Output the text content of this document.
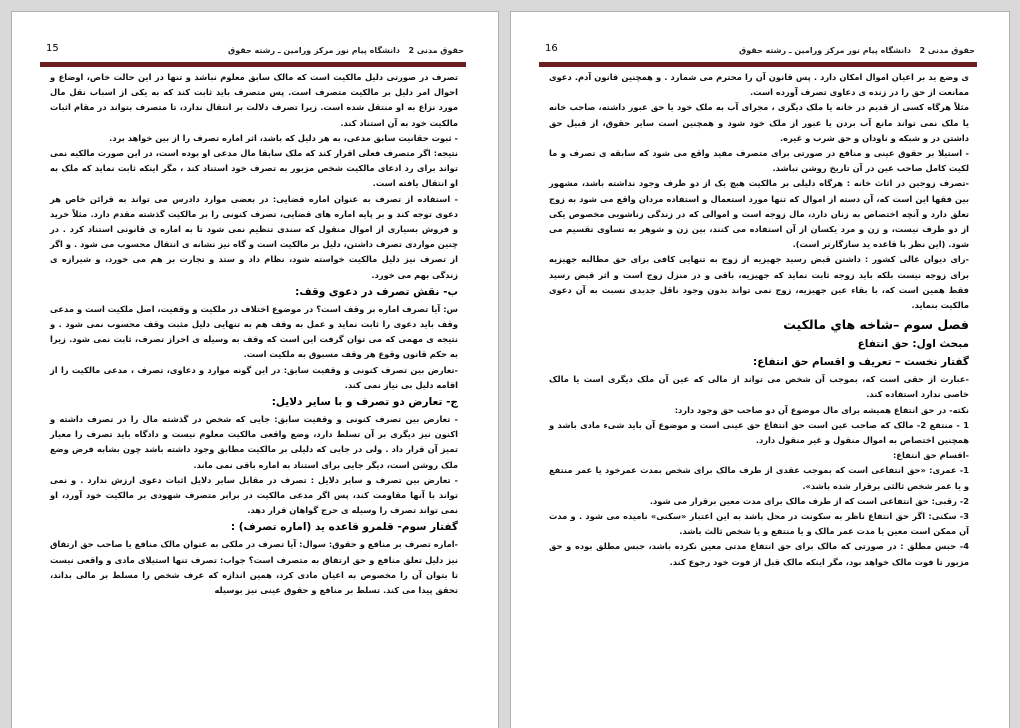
15	حقوق مدنی 2
دانشگاه پیام نور مرکز ورامین ـ رشته حقوق

تصرف در صورتی دلیل مالکیت است که مالک سابق معلوم نباشد و تنها در این حالت خاص، اوضاع و احوال امر دلیل بر مالکیت متصرف است. پس متصرف باید ثابت کند که به یکی از اسباب نقل مال مورد نزاع به او منتقل شده است. زیرا تصرف دلالت بر انتقال ندارد، تا متصرف بتواند در مقام اثبات مالکیت خود به آن استناد کند.

- ثبوت حقانیت سابق مدعی، به هر دلیل که باشد، اثر اماره تصرف را از بین خواهد برد.

نتیجه: اگر متصرف فعلی اقرار کند که ملک سابقا مال مدعی او بوده است، در این صورت مالکیه نمی تواند برای رد ادعای مالکیت شخص مزبور به تصرف خود استناد کند ، مگر اینکه ثابت نماید که ملک به او انتقال یافته است.

- استفاده از تصرف به عنوان اماره قضایی: در بعضی موارد دادرس می تواند به قرائن خاص هر دعوی توجه کند و بر پایه اماره های قضایی، تصرف کنونی را بر مالکیت گذشته مقدم دارد. مثلاً خرید و فروش بسیاری از اموال منقول که سندی تنظیم نمی شود تا به اماره ی قانونی استناد کرد . در چنین مواردی تصرف داشتن، دلیل بر مالکیت است و گاه نیز نشانه ی انتقال محسوب می شود . و اگر از تصرف نیز دلیل مالکیت خواسته شود، نظام داد و ستد و تجارت بر هم می خورد، و شیرازه ی زندگی بهم می خورد.

ب- نقش تصرف در دعوی وقف:

س: آیا تصرف اماره بر وقف است؟ در موضوع اختلاف در ملکیت و وقفیت، اصل ملکیت است و مدعی وقف باید دعوی را ثابت نماید و عمل به وقف هم به تنهایی دلیل مثبت وقف محسوب نمی شود . و نتیجه ی مهمی که می توان گرفت این است که وقف به وسیله ی احراز تصرف، ثابت نمی شود. زیرا به حکم قانون وقوع هر وقف مسبوق به ملکیت است.

-تعارض بین تصرف کنونی و وقفیت سابق: در این گونه موارد و دعاوی، تصرف ، مدعی مالکیت را از اقامه دلیل بی نیاز نمی کند.

ج- تعارض دو تصرف و با سایر دلایل:

- تعارض بین تصرف کنونی و وقفیت سابق: جایی که شخص در گذشته مال را در تصرف داشته و اکنون نیز دیگری بر آن تسلط دارد، وضع واقعی مالکیت معلوم نیست و دادگاه باید تصرف را معیار تمیز آن قرار داد . ولی در جایی که دلیلی بر مالکیت مطابق وجود داشته باشد چون بشابه فرض وضع ملک روشن است، دیگر جایی برای استناد به اماره باقی نمی ماند.

- تعارض بین تصرف و سایر دلایل : تصرف در مقابل سایر دلایل اثبات دعوی ارزش ندارد . و نمی تواند با آنها مقاومت کند، پس اگر مدعی مالکیت در برابر متصرف شهودی بر مالکیت خود آورد، او نمی تواند تصرف را وسیله ی حرج گواهان قرار دهد.

گفتار سوم- قلمرو قاعده ید (اماره تصرف) :

-اماره تصرف بر منافع و حقوق: سوال: آیا تصرف در ملکی به عنوان مالک منافع یا صاحب حق ارتفاق نیز دلیل تعلق منافع و حق ارتفاق به متصرف است؟ جواب: تصرف تنها استیلای مادی و واقعی نیست تا بتوان آن را مخصوص به اعیان مادی کرد، همین اندازه که عرف شخص را مسلط بر مالی بداند، تحقق پیدا می کند. تسلط بر منافع و حقوق عینی نیز بوسیله

16	حقوق مدنی 2
دانشگاه پیام نور مرکز ورامین ـ رشته حقوق

ی وضع ید بر اعیان اموال امکان دارد . پس قانون آن را محترم می شمارد . و همچنین قانون آدم. دعوی ممانعت از حق را در زنده ی دعاوی تصرف آورده است.

مثلاً هرگاه کسی از قدیم در خانه یا ملک دیگری ، مجرای آب به ملک خود یا حق عبور داشته، صاحب خانه یا ملک نمی تواند مانع آب بردن یا عبور از ملک خود شود و همچنین است سایر حقوق، از قبیل حق داشتن در و شبکه و ناودان و حق شرب و غیره.

- استیلا بر حقوق عینی و منافع در صورتی برای متصرف مفید واقع می شود که سابقه ی تصرف و ما لکیت کامل صاحب عین در آن تاریخ روشن نباشد.

-تصرف زوجین در اثاث خانه : هرگاه دلیلی بر مالکیت هیچ یک از دو طرف وجود نداشته باشد، مشهور بین فقها این است که، آن دسته از اموال که تنها مورد استعمال و استفاده مردان واقع می شود به زوج تعلق دارد و آنچه اختصاص به زنان دارد، مال زوجه است و اموالی که در زندگی زناشویی مخصوص یکی از دو طرف نیست، و زن و مرد یکسان از آن استفاده می کنند، بین زن و شوهر به تساوی تقسیم می شود. (این نظر با قاعده ید سازگارتر است).

-رای دیوان عالی کشور : داشتن قبض رسید جهیزیه از زوج به تنهایی کافی برای حق مطالبه جهیزیه برای زوجه نیست بلکه باید زوجه ثابت نماید که جهیزیه، باقی و در منزل زوج است و اثر قبض رسید فقط همین است که، با بقاء عین جهیزیه، زوج نمی تواند بدون وجود ناقل جدیدی نسبت به آن دعوی مالکیت بنماید.

فصل سوم –شاخه هاي مالکيت
مبحث اول: حق انتفاع
گفتار نخست – تعریف و اقسام حق انتفاع:

-عبارت از حقی است که، بموجب آن شخص می تواند از مالی که عین آن ملک دیگری است یا مالک خاصی ندارد استفاده کند.

نکته- در حق انتفاع همیشه برای مال موضوع آن دو صاحب حق وجود دارد:

1 - منتفع 2- مالک که صاحب عین است حق انتفاع حق عینی است و موضوع آن باید شیء مادی باشد و همچنین اختصاص به اموال منقول و غیر منقول دارد.

-اقسام حق انتفاع:

1- عمری: «حق انتفاعی است که بموجب عقدی از طرف مالک برای شخص بمدت عمرخود یا عمر منتفع و یا عمر شخص ثالثی برقرار شده باشد».

2- رقبی: حق انتفاعی است که از طرف مالک برای مدت معین برقرار می شود.

3- سکنی: اگر حق انتفاع ناظر به سکونت در محل باشد به این اعتبار «سکنی» نامیده می شود . و مدت آن ممکن است معین یا مدت عمر مالک و یا منتفع و یا شخص ثالث باشد.

4- حبس مطلق : در صورتی که مالک برای حق انتفاع مدتی معین نکرده باشد، حبس مطلق بوده و حق مزبور تا فوت مالک خواهد بود، مگر اینکه مالک قبل از فوت خود رجوع کند.
